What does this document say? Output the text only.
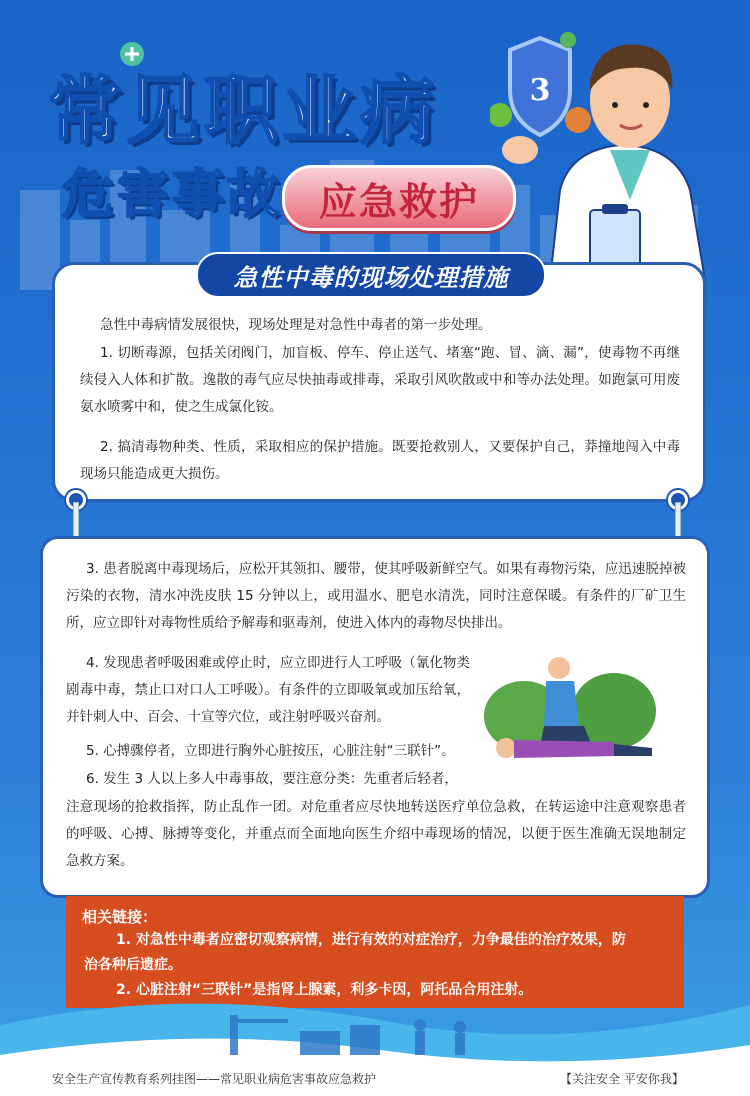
常见职业病
危害事故 应急救护
3
急性中毒的现场处理措施
急性中毒病情发展很快，现场处理是对急性中毒者的第一步处理。
1. 切断毒源，包括关闭阀门，加盲板、停车、停止送气、堵塞“跑、冒、滴、漏”，使毒物不再继续侵入人体和扩散。逸散的毒气应尽快抽毒或排毒，采取引风吹散或中和等办法处理。如跑氯可用废氨水喷雾中和，使之生成氯化铵。
2. 搞清毒物种类、性质，采取相应的保护措施。既要抢救别人，又要保护自己，莽撞地闯入中毒现场只能造成更大损伤。
3. 患者脱离中毒现场后，应松开其领扣、腰带，使其呼吸新鲜空气。如果有毒物污染，应迅速脱掉被污染的衣物，清水冲洗皮肤 15 分钟以上，或用温水、肥皂水清洗，同时注意保暖。有条件的厂矿卫生所，应立即针对毒物性质给予解毒和驱毒剂，使进入体内的毒物尽快排出。
4. 发现患者呼吸困难或停止时，应立即进行人工呼吸（氰化物类剧毒中毒，禁止口对口人工呼吸）。有条件的立即吸氧或加压给氧，并针刺人中、百会、十宣等穴位，或注射呼吸兴奋剂。
5. 心搏骤停者，立即进行胸外心脏按压，心脏注射“三联针”。
6. 发生 3 人以上多人中毒事故，要注意分类：先重者后轻者，
注意现场的抢救指挥，防止乱作一团。对危重者应尽快地转送医疗单位急救，在转运途中注意观察患者的呼吸、心搏、脉搏等变化，并重点而全面地向医生介绍中毒现场的情况，以便于医生准确无误地制定急救方案。
相关链接：
1. 对急性中毒者应密切观察病情，进行有效的对症治疗，力争最佳的治疗效果，防
治各种后遗症。
2. 心脏注射“三联针”是指肾上腺素，利多卡因，阿托品合用注射。
安全生产宣传教育系列挂图——常见职业病危害事故应急救护	【关注安全 平安你我】
